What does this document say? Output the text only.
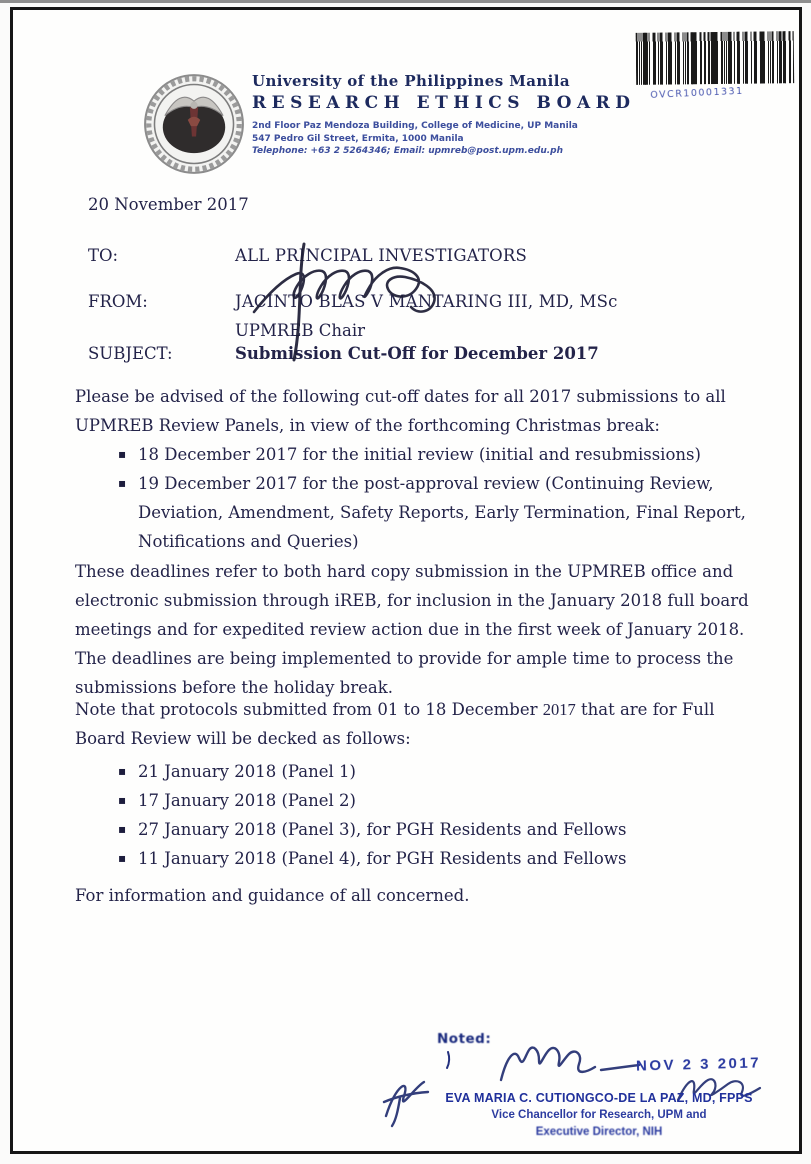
University of the Philippines Manila
RESEARCH ETHICS BOARD
2nd Floor Paz Mendoza Building, College of Medicine, UP Manila
547 Pedro Gil Street, Ermita, 1000 Manila
Telephone: +63 2 5264346; Email: upmreb@post.upm.edu.ph
OVCR10001331
20 November 2017
TO:	ALL PRINCIPAL INVESTIGATORS
FROM:	JACINTO BLAS V MANTARING III, MD, MSc
UPMREB Chair
SUBJECT:	Submission Cut-Off for December 2017
Please be advised of the following cut-off dates for all 2017 submissions to all UPMREB Review Panels, in view of the forthcoming Christmas break:
▪ 18 December 2017 for the initial review (initial and resubmissions)
▪ 19 December 2017 for the post-approval review (Continuing Review, Deviation, Amendment, Safety Reports, Early Termination, Final Report, Notifications and Queries)
These deadlines refer to both hard copy submission in the UPMREB office and electronic submission through iREB, for inclusion in the January 2018 full board meetings and for expedited review action due in the first week of January 2018. The deadlines are being implemented to provide for ample time to process the submissions before the holiday break.
Note that protocols submitted from 01 to 18 December 2017 that are for Full Board Review will be decked as follows:
▪ 21 January 2018 (Panel 1)
▪ 17 January 2018 (Panel 2)
▪ 27 January 2018 (Panel 3), for PGH Residents and Fellows
▪ 11 January 2018 (Panel 4), for PGH Residents and Fellows
For information and guidance of all concerned.
Noted:
NOV 2 3 2017
EVA MARIA C. CUTIONGCO-DE LA PAZ, MD, FPPS
Vice Chancellor for Research, UPM and
Executive Director, NIH
